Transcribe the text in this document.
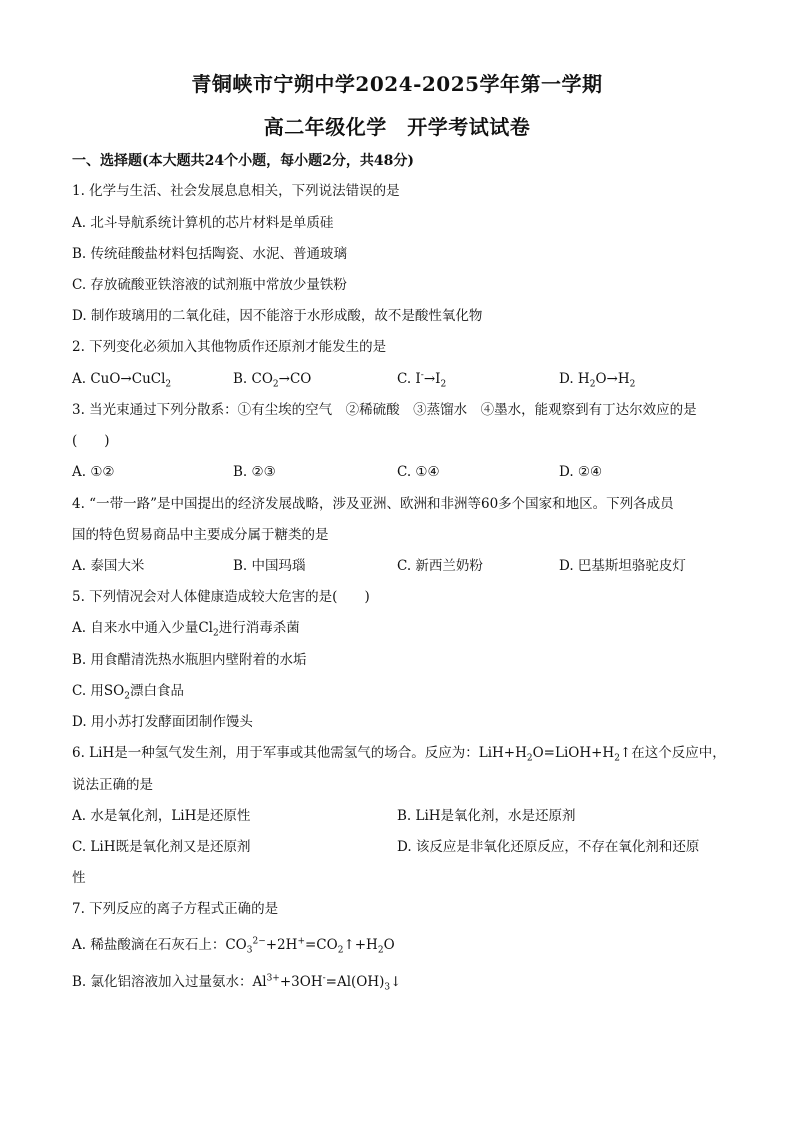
青铜峡市宁朔中学2024-2025学年第一学期
高二年级化学　开学考试试卷
一、选择题(本大题共24个小题，每小题2分，共48分)
1. 化学与生活、社会发展息息相关，下列说法错误的是
A. 北斗导航系统计算机的芯片材料是单质硅
B. 传统硅酸盐材料包括陶瓷、水泥、普通玻璃
C. 存放硫酸亚铁溶液的试剂瓶中常放少量铁粉
D. 制作玻璃用的二氧化硅，因不能溶于水形成酸，故不是酸性氧化物
2. 下列变化必须加入其他物质作还原剂才能发生的是
A. CuO→CuCl$_2$	B. $CO_2\to CO$	C. $I^-\to I_2$	D. $H_2O\to H_2$
3. 当光束通过下列分散系：①有尘埃的空气　②稀硫酸　③蒸馏水　④墨水，能观察到有丁达尔效应的是
(　　)
A. ①②	B. ②③	C. ①④	D. ②④
4. “一带一路”是中国提出的经济发展战略，涉及亚洲、欧洲和非洲等60多个国家和地区。下列各成员
国的特色贸易商品中主要成分属于糖类的是
A. 泰国大米	B. 中国玛瑙	C. 新西兰奶粉	D. 巴基斯坦骆驼皮灯
5. 下列情况会对人体健康造成较大危害的是(　　)
A. 自来水中通入少量$Cl_2$进行消毒杀菌
B. 用食醋清洗热水瓶胆内壁附着的水垢
C. 用$SO_2$漂白食品
D. 用小苏打发酵面团制作馒头
6. LiH是一种氢气发生剂，用于军事或其他需氢气的场合。反应为：$LiH+H_2O=LiOH+H_2↑$在这个反应中，
说法正确的是
A. 水是氧化剂，LiH是还原性	B. LiH是氧化剂，水是还原剂
C. LiH既是氧化剂又是还原剂	D. 该反应是非氧化还原反应，不存在氧化剂和还原
性
7. 下列反应的离子方程式正确的是
A. 稀盐酸滴在石灰石上：$CO_3^{2-}+2H^+=CO_2↑+H_2O$
B. 氯化铝溶液加入过量氨水：$Al^{3+}+3OH^-=Al(OH)_3↓$
